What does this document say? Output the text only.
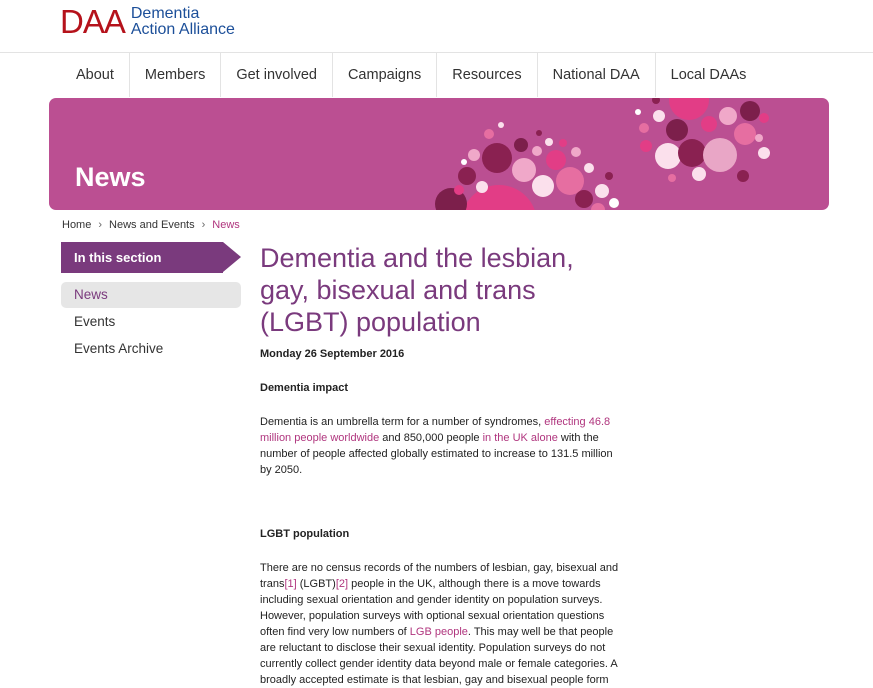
DAA Dementia
Action Alliance
About	Members	Get involved	Campaigns	Resources	National DAA	Local DAAs
News
Home › News and Events › News
In this section
News
Events
Events Archive
Dementia and the lesbian, gay, bisexual and trans (LGBT) population
Monday 26 September 2016

Dementia impact

Dementia is an umbrella term for a number of syndromes, effecting 46.8 million people worldwide and 850,000 people in the UK alone with the number of people affected globally estimated to increase to 131.5 million by 2050.

LGBT population

There are no census records of the numbers of lesbian, gay, bisexual and trans[1] (LGBT)[2] people in the UK, although there is a move towards including sexual orientation and gender identity on population surveys. However, population surveys with optional sexual orientation questions often find very low numbers of LGB people. This may well be that people are reluctant to disclose their sexual identity. Population surveys do not currently collect gender identity data beyond male or female categories. A broadly accepted estimate is that lesbian, gay and bisexual people form
